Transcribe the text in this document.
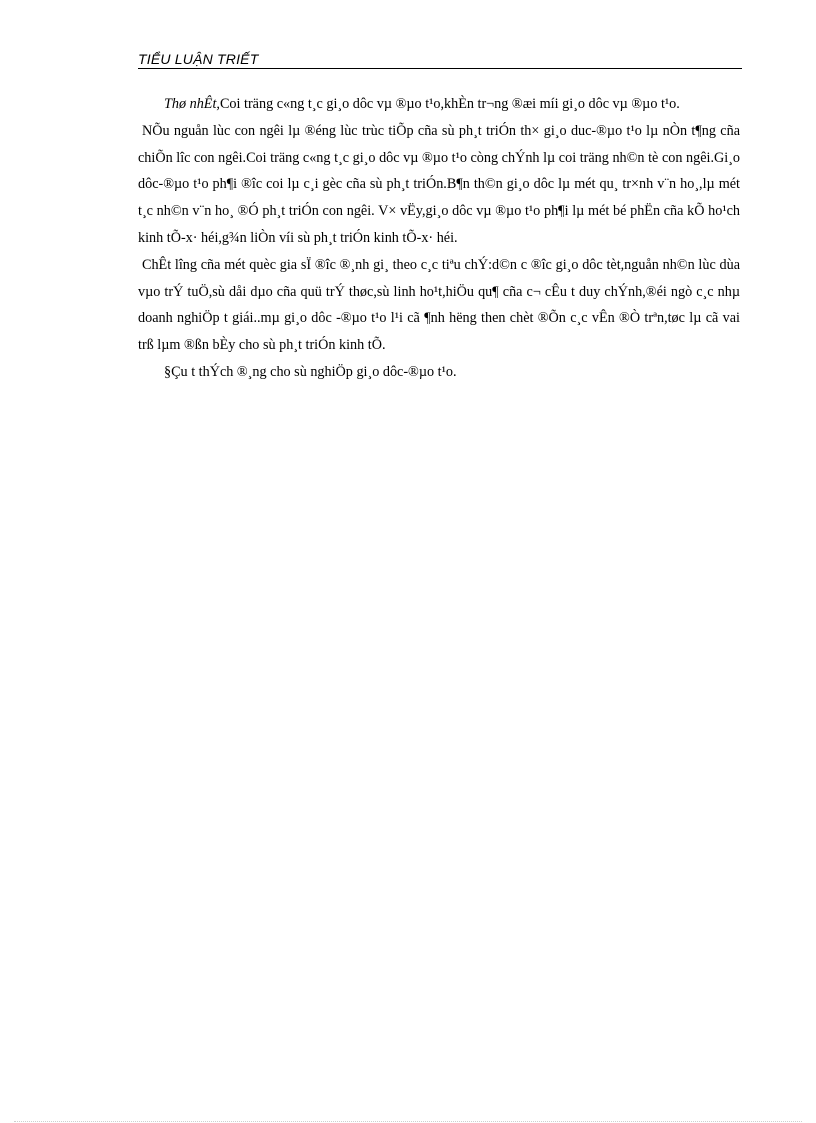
TIỂU LUẬN TRIẾT

Thø nhÊt,Coi träng c«ng t¸c gi¸o dôc vµ ®µo t¹o,khÈn tr¬ng ®æi míi gi¸o dôc vµ ®µo t¹o.

NÕu nguån lùc con ngêi lµ ®éng lùc trùc tiÕp cña sù ph¸t triÓn th× gi¸o duc-®µo t¹o lµ nÒn t¶ng cña chiÕn lîc con ngêi.Coi träng c«ng t¸c gi¸o dôc vµ ®µo t¹o còng chÝnh lµ coi träng nh©n tè con ngêi.Gi¸o dôc-®µo t¹o ph¶i ®îc coi lµ c¸i gèc cña sù ph¸t triÓn.B¶n th©n gi¸o dôc lµ mét qu¸ tr×nh v¨n ho¸,lµ mét t¸c nh©n v¨n ho¸ ®Ó ph¸t triÓn con ngêi. V× vËy,gi¸o dôc vµ ®µo t¹o ph¶i lµ mét bé phËn cña kÕ ho¹ch kinh tÕ-x· héi,g¾n liÒn víi sù ph¸t triÓn kinh tÕ-x· héi.

ChÊt lîng cña mét quèc gia sÏ ®îc ®¸nh gi¸ theo c¸c tiªu chÝ:d©n c ®îc gi¸o dôc tèt,nguån nh©n lùc dùa vµo trÝ tuÖ,sù dåi dµo cña quü trÝ thøc,sù linh ho¹t,hiÖu qu¶ cña c¬ cÊu t duy chÝnh,®éi ngò c¸c nhµ doanh nghiÖp t giái..mµ gi¸o dôc -®µo t¹o l¹i cã ¶nh hëng then chèt ®Õn c¸c vÊn ®Ò trªn,tøc lµ cã vai trß lµm ®ßn bÈy cho sù ph¸t triÓn kinh tÕ.

§Çu t thÝch ®¸ng cho sù nghiÖp gi¸o dôc-®µo t¹o.
